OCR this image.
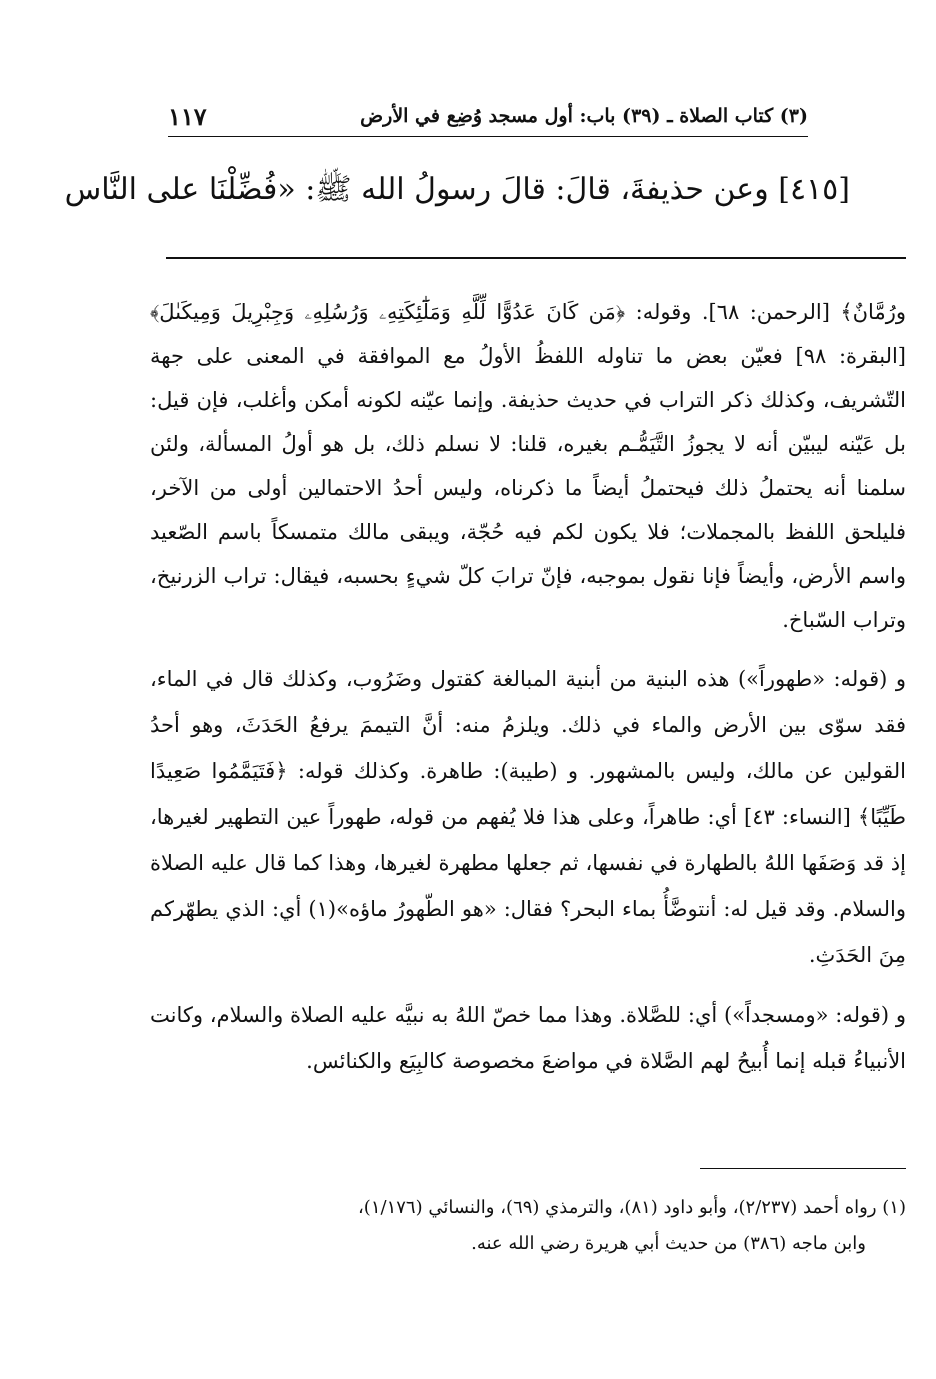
(٣) كتاب الصلاة ـ (٣٩) باب: أول مسجد وُضِع في الأرض
١١٧
[٤١٥] وعن حذيفةَ، قالَ: قالَ رسولُ الله ﷺ: «فُضِّلْنَا على النَّاس

ورُمَّانٌ﴾ [الرحمن: ٦٨]. وقوله: ﴿مَن كَانَ عَدُوًّا لِّلَّهِ وَمَلَٰٓئِكَتِهِۦ وَرُسُلِهِۦ وَجِبْرِيلَ وَمِيكَىٰلَ﴾ [البقرة: ٩٨] فعيّن بعض ما تناوله اللفظُ الأولُ مع الموافقة في المعنى على جهة التّشريف، وكذلك ذكر التراب في حديث حذيفة. وإنما عيّنه لكونه أمكن وأغلب، فإن قيل: بل عَيّنه ليبيّن أنه لا يجوزُ التَّيَمُّـم بغيره، قلنا: لا نسلم ذلك، بل هو أولُ المسألة، ولئن سلمنا أنه يحتملُ ذلك فيحتملُ أيضاً ما ذكرناه، وليس أحدُ الاحتمالين أولى من الآخر، فليلحق اللفظ بالمجملات؛ فلا يكون لكم فيه حُجّة، ويبقى مالك متمسكاً باسم الصّعيد واسم الأرض، وأيضاً فإنا نقول بموجبه، فإنّ ترابَ كلّ شيءٍ بحسبه، فيقال: تراب الزرنيخ، وتراب السّباخ.

و (قوله: «طهوراً») هذه البنية من أبنية المبالغة كقتول وضَرُوب، وكذلك قال في الماء، فقد سوّى بين الأرض والماء في ذلك. ويلزمُ منه: أنَّ التيممَ يرفعُ الحَدَثَ، وهو أحدُ القولين عن مالك، وليس بالمشهور. و (طيبة): طاهرة. وكذلك قوله: ﴿فَتَيَمَّمُوا صَعِيدًا طَيِّبًا﴾ [النساء: ٤٣] أي: طاهراً، وعلى هذا فلا يُفهم من قوله، طهوراً عين التطهير لغيرها، إذ قد وَصَفَها اللهُ بالطهارة في نفسها، ثم جعلها مطهرة لغيرها، وهذا كما قال عليه الصلاة والسلام. وقد قيل له: أنتوضَّأُ بماء البحر؟ فقال: «هو الطّهورُ ماؤه»(١) أي: الذي يطهّركم مِنَ الحَدَثِ.

و (قوله: «ومسجداً») أي: للصَّلاة. وهذا مما خصّ اللهُ به نبيَّه عليه الصلاة والسلام، وكانت الأنبياءُ قبله إنما أُبيحُ لهم الصَّلاة في مواضعَ مخصوصة كالبِيَع والكنائس.

(١) رواه أحمد (٢/٢٣٧)، وأبو داود (٨١)، والترمذي (٦٩)، والنسائي (١/١٧٦)،

وابن ماجه (٣٨٦) من حديث أبي هريرة رضي الله عنه.
